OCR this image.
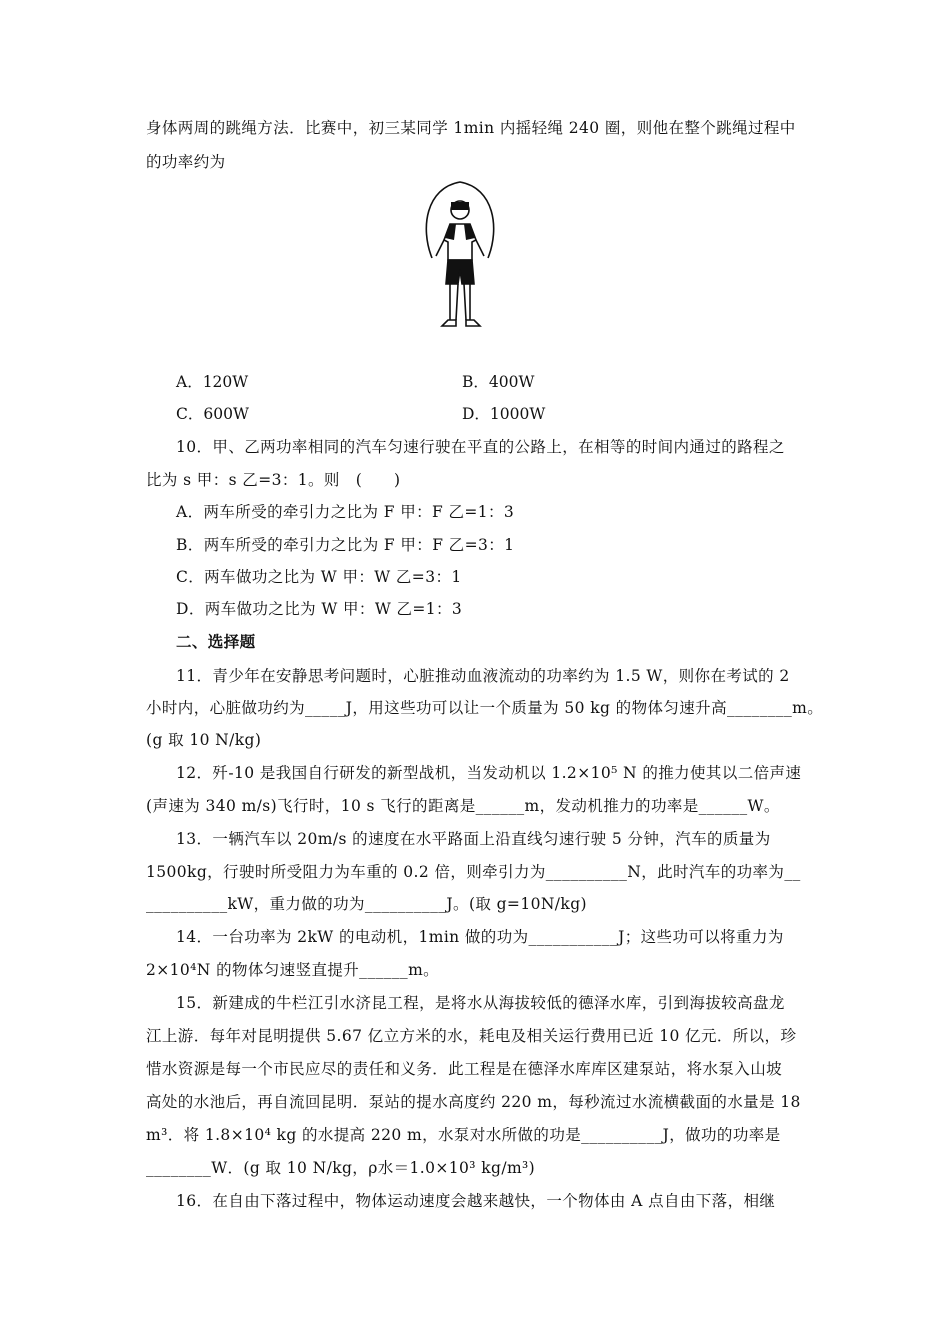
身体两周的跳绳方法．比赛中，初三某同学 1min 内摇轻绳 240 圈，则他在整个跳绳过程中
的功率约为
A．120W	B．400W
C．600W	D．1000W
10．甲、乙两功率相同的汽车匀速行驶在平直的公路上，在相等的时间内通过的路程之
比为 s 甲：s 乙=3：1。则　(　　)
A．两车所受的牵引力之比为 F 甲：F 乙=1：3
B．两车所受的牵引力之比为 F 甲：F 乙=3：1
C．两车做功之比为 W 甲：W 乙=3：1
D．两车做功之比为 W 甲：W 乙=1：3
二、选择题
11．青少年在安静思考问题时，心脏推动血液流动的功率约为 1.5 W，则你在考试的 2
小时内，心脏做功约为_____J，用这些功可以让一个质量为 50 kg 的物体匀速升高________m。
(g 取 10 N/kg)
12．歼-10 是我国自行研发的新型战机，当发动机以 1.2×10⁵ N 的推力使其以二倍声速
(声速为 340 m/s)飞行时，10 s 飞行的距离是______m，发动机推力的功率是______W。
13．一辆汽车以 20m/s 的速度在水平路面上沿直线匀速行驶 5 分钟，汽车的质量为
1500kg，行驶时所受阻力为车重的 0.2 倍，则牵引力为__________N，此时汽车的功率为__
__________kW，重力做的功为__________J。(取 g=10N/kg)
14．一台功率为 2kW 的电动机，1min 做的功为___________J；这些功可以将重力为
2×10⁴N 的物体匀速竖直提升______m。
15．新建成的牛栏江引水济昆工程，是将水从海拔较低的德泽水库，引到海拔较高盘龙
江上游．每年对昆明提供 5.67 亿立方米的水，耗电及相关运行费用已近 10 亿元．所以，珍
惜水资源是每一个市民应尽的责任和义务．此工程是在德泽水库库区建泵站，将水泵入山坡
高处的水池后，再自流回昆明．泵站的提水高度约 220 m，每秒流过水流横截面的水量是 18
m³．将 1.8×10⁴ kg 的水提高 220 m，水泵对水所做的功是__________J，做功的功率是
________W．(g 取 10 N/kg，ρ水＝1.0×10³ kg/m³)
16．在自由下落过程中，物体运动速度会越来越快，一个物体由 A 点自由下落，相继
